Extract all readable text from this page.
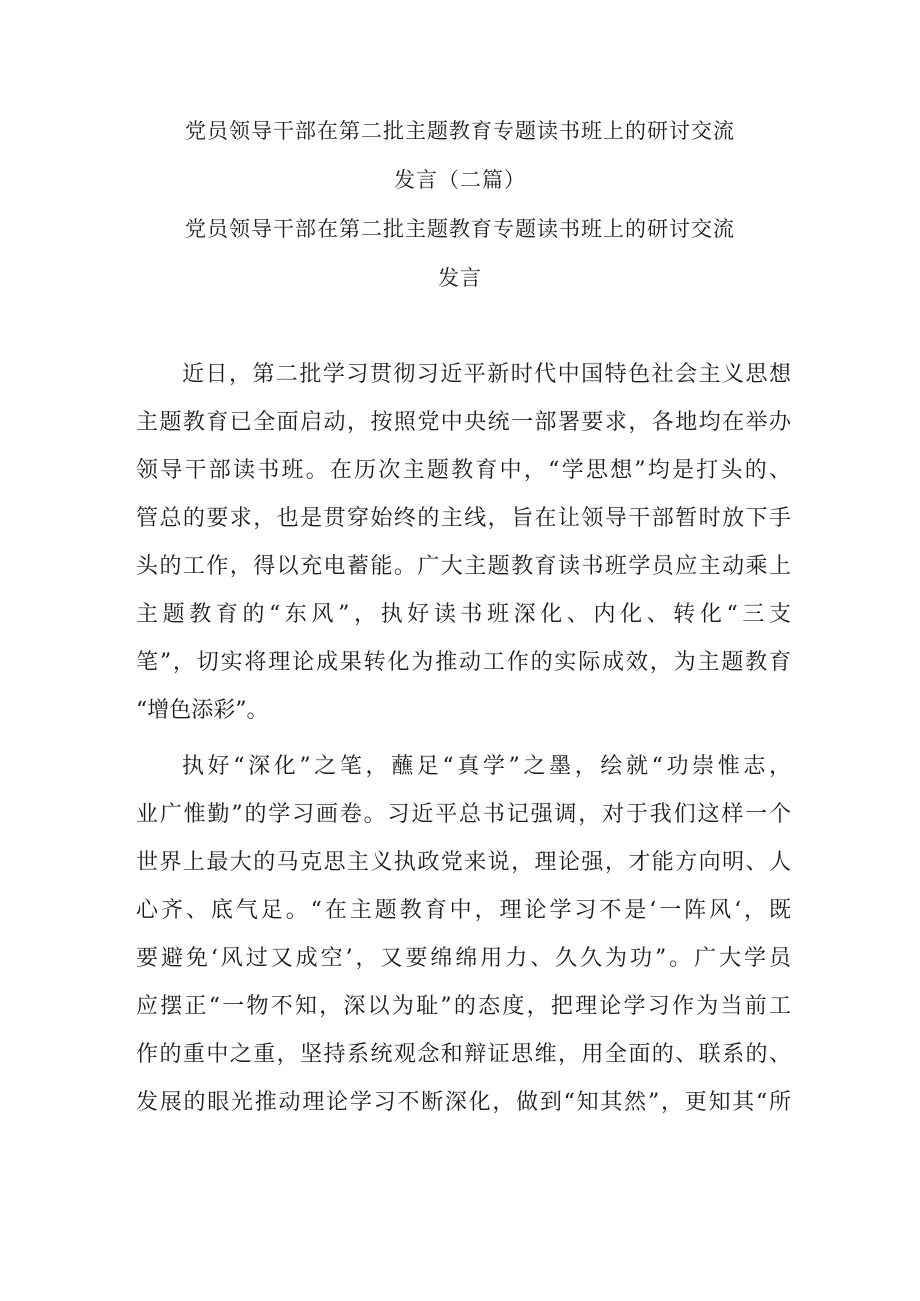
党员领导干部在第二批主题教育专题读书班上的研讨交流
发言（二篇）
党员领导干部在第二批主题教育专题读书班上的研讨交流
发言
近日，第二批学习贯彻习近平新时代中国特色社会主义思想
主题教育已全面启动，按照党中央统一部署要求，各地均在举办
领导干部读书班。在历次主题教育中，“学思想”均是打头的、
管总的要求，也是贯穿始终的主线，旨在让领导干部暂时放下手
头的工作，得以充电蓄能。广大主题教育读书班学员应主动乘上
主题教育的“东风”，执好读书班深化、内化、转化“三支
笔”，切实将理论成果转化为推动工作的实际成效，为主题教育
“增色添彩”。
执好“深化”之笔，蘸足“真学”之墨，绘就“功崇惟志，
业广惟勤”的学习画卷。习近平总书记强调，对于我们这样一个
世界上最大的马克思主义执政党来说，理论强，才能方向明、人
心齐、底气足。“在主题教育中，理论学习不是‘一阵风‘，既
要避免‘风过又成空’，又要绵绵用力、久久为功”。广大学员
应摆正“一物不知，深以为耻”的态度，把理论学习作为当前工
作的重中之重，坚持系统观念和辩证思维，用全面的、联系的、
发展的眼光推动理论学习不断深化，做到“知其然”，更知其“所
